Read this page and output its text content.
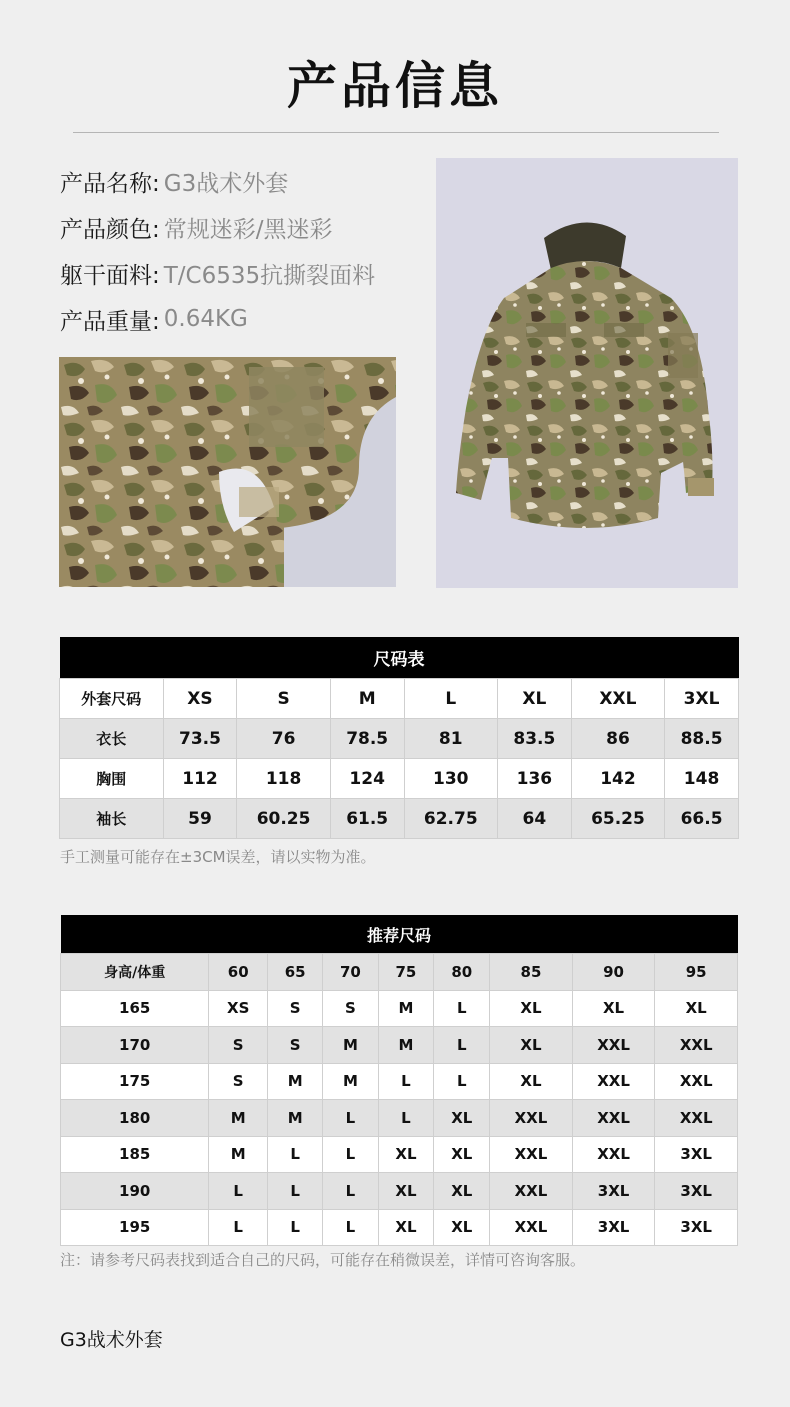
产品信息
产品名称: G3战术外套
产品颜色: 常规迷彩/黑迷彩
躯干面料: T/C6535抗撕裂面料
产品重量: 0.64KG
尺码表							
外套尺码	XS	S	M	L	XL	XXL	3XL
衣长	73.5	76	78.5	81	83.5	86	88.5
胸围	112	118	124	130	136	142	148
袖长	59	60.25	61.5	62.75	64	65.25	66.5
手工测量可能存在±3CM误差，请以实物为准。
推荐尺码								
身高/体重	60	65	70	75	80	85	90	95
165	XS	S	S	M	L	XL	XL	XL
170	S	S	M	M	L	XL	XXL	XXL
175	S	M	M	L	L	XL	XXL	XXL
180	M	M	L	L	XL	XXL	XXL	XXL
185	M	L	L	XL	XL	XXL	XXL	3XL
190	L	L	L	XL	XL	XXL	3XL	3XL
195	L	L	L	XL	XL	XXL	3XL	3XL
注：请参考尺码表找到适合自己的尺码，可能存在稍微误差，详情可咨询客服。
G3战术外套
